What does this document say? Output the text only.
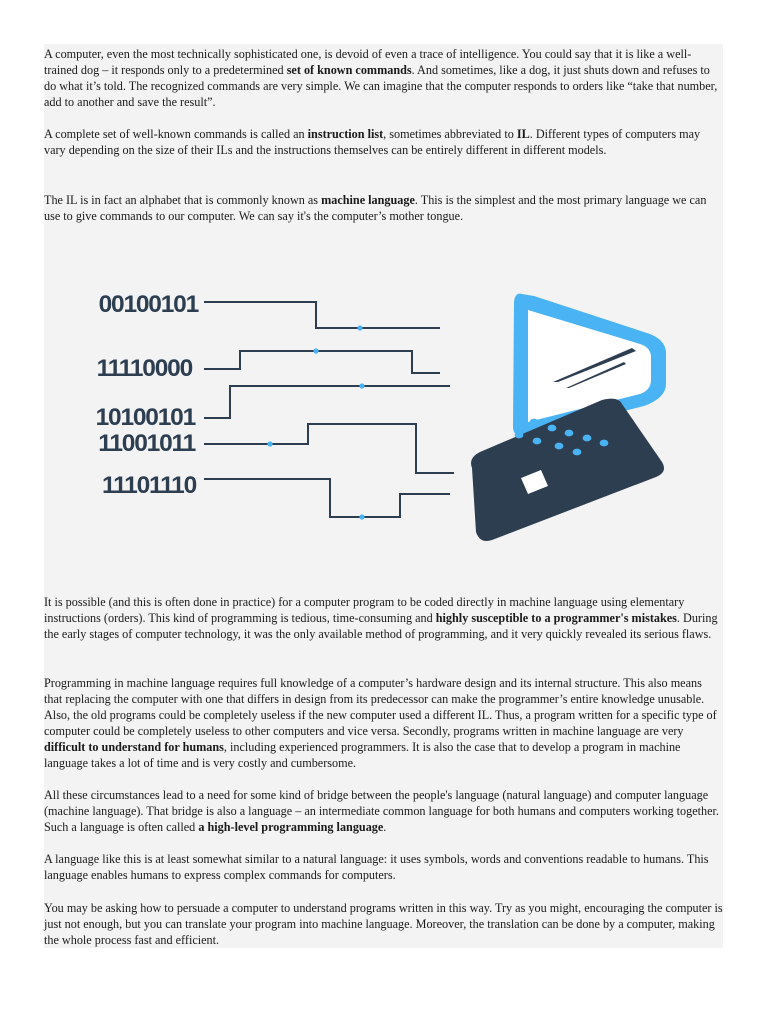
A computer, even the most technically sophisticated one, is devoid of even a trace of intelligence. You could say that it is like a well-trained dog – it responds only to a predetermined set of known commands. And sometimes, like a dog, it just shuts down and refuses to do what it’s told. The recognized commands are very simple. We can imagine that the computer responds to orders like “take that number, add to another and save the result”.

A complete set of well-known commands is called an instruction list, sometimes abbreviated to IL. Different types of computers may vary depending on the size of their ILs and the instructions themselves can be entirely different in different models.

The IL is in fact an alphabet that is commonly known as machine language. This is the simplest and the most primary language we can use to give commands to our computer. We can say it's the computer’s mother tongue.

00100101
11110000
10100101
11001011
11101110

It is possible (and this is often done in practice) for a computer program to be coded directly in machine language using elementary instructions (orders). This kind of programming is tedious, time-consuming and highly susceptible to a programmer's mistakes. During the early stages of computer technology, it was the only available method of programming, and it very quickly revealed its serious flaws.

Programming in machine language requires full knowledge of a computer’s hardware design and its internal structure. This also means that replacing the computer with one that differs in design from its predecessor can make the programmer’s entire knowledge unusable. Also, the old programs could be completely useless if the new computer used a different IL. Thus, a program written for a specific type of computer could be completely useless to other computers and vice versa. Secondly, programs written in machine language are very difficult to understand for humans, including experienced programmers. It is also the case that to develop a program in machine language takes a lot of time and is very costly and cumbersome.

All these circumstances lead to a need for some kind of bridge between the people's language (natural language) and computer language (machine language). That bridge is also a language – an intermediate common language for both humans and computers working together. Such a language is often called a high-level programming language.

A language like this is at least somewhat similar to a natural language: it uses symbols, words and conventions readable to humans. This language enables humans to express complex commands for computers.

You may be asking how to persuade a computer to understand programs written in this way. Try as you might, encouraging the computer is just not enough, but you can translate your program into machine language. Moreover, the translation can be done by a computer, making the whole process fast and efficient.
